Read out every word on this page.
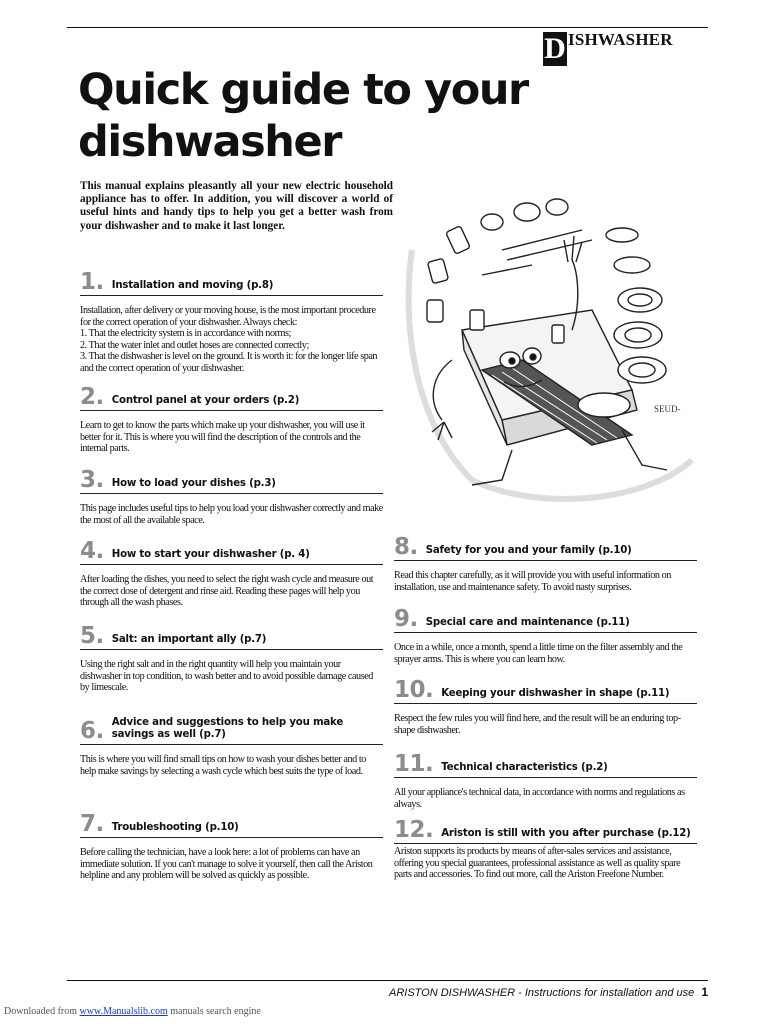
D ISHWASHER
Quick guide to your
dishwasher

This manual explains pleasantly all your new electric household appliance has to offer. In addition, you will discover a world of useful hints and handy tips to help you get a better wash from your dishwasher and to make it last longer.

1. Installation and moving (p.8)

Installation, after delivery or your moving house, is the most important procedure for the correct operation of your dishwasher. Always check:
1. That the electricity system is in accordance with norms;
2. That the water inlet and outlet hoses are connected correctly;
3. That the dishwasher is level on the ground. It is worth it: for the longer life span and the correct operation of your dishwasher.

2. Control panel at your orders (p.2)

Learn to get to know the parts which make up your dishwasher, you will use it better for it. This is where you will find the description of the controls and the internal parts.

3. How to load your dishes (p.3)

This page includes useful tips to help you load your dishwasher correctly and make the most of all the available space.

4. How to start your dishwasher (p. 4)

After loading the dishes, you need to select the right wash cycle and measure out the correct dose of detergent and rinse aid. Reading these pages will help you through all the wash phases.

5. Salt: an important ally (p.7)

Using the right salt and in the right quantity will help you maintain your dishwasher in top condition, to wash better and to avoid possible damage caused by limescale.

6. Advice and suggestions to help you make savings as well (p.7)

This is where you will find small tips on how to wash your dishes better and to help make savings by selecting a wash cycle which best suits the type of load.

7. Troubleshooting (p.10)

Before calling the technician, have a look here: a lot of problems can have an immediate solution. If you can't manage to solve it yourself, then call the Ariston helpline and any problem will be solved as quickly as possible.

8. Safety for you and your family (p.10)

Read this chapter carefully, as it will provide you with useful information on installation, use and maintenance safety. To avoid nasty surprises.

9. Special care and maintenance (p.11)

Once in a while, once a month, spend a little time on the filter assembly and the sprayer arms. This is where you can learn how.

10. Keeping your dishwasher in shape (p.11)

Respect the few rules you will find here, and the result will be an enduring top-shape dishwasher.

11. Technical characteristics (p.2)

All your appliance's technical data, in accordance with norms and regulations as always.

12. Ariston is still with you after purchase (p.12)

Ariston supports its products by means of after-sales services and assistance, offering you special guarantees, professional assistance as well as quality spare parts and accessories. To find out more, call the Ariston Freefone Number.

SEUD-

ARISTON DISHWASHER - Instructions for installation and use 1

Downloaded from www.Manualslib.com manuals search engine
